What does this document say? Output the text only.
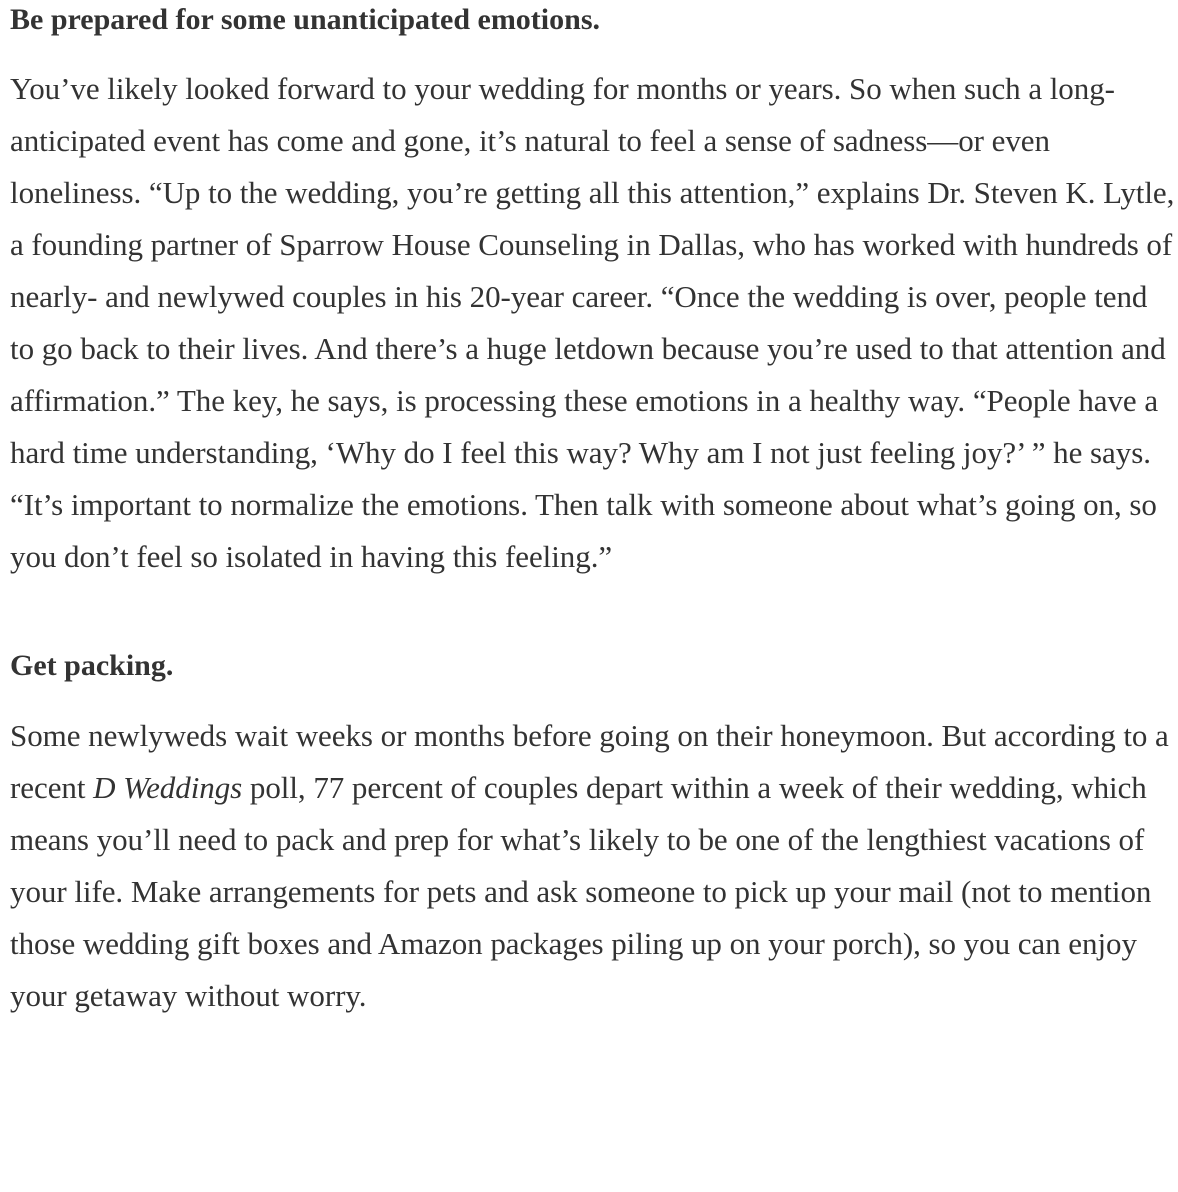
Be prepared for some unanticipated emotions.

You’ve likely looked forward to your wedding for months or years. So when such a long-anticipated event has come and gone, it’s natural to feel a sense of sadness—or even loneliness. “Up to the wedding, you’re getting all this attention,” explains Dr. Steven K. Lytle, a founding partner of Sparrow House Counseling in Dallas, who has worked with hundreds of nearly- and newlywed couples in his 20-year career. “Once the wedding is over, people tend to go back to their lives. And there’s a huge letdown because you’re used to that attention and affirmation.” The key, he says, is processing these emotions in a healthy way. “People have a hard time understanding, ‘Why do I feel this way? Why am I not just feeling joy?’ ” he says. “It’s important to normalize the emotions. Then talk with someone about what’s going on, so you don’t feel so isolated in having this feeling.”

Get packing.

Some newlyweds wait weeks or months before going on their honeymoon. But according to a recent D Weddings poll, 77 percent of couples depart within a week of their wedding, which means you’ll need to pack and prep for what’s likely to be one of the lengthiest vacations of your life. Make arrangements for pets and ask someone to pick up your mail (not to mention those wedding gift boxes and Amazon packages piling up on your porch), so you can enjoy your getaway without worry.
